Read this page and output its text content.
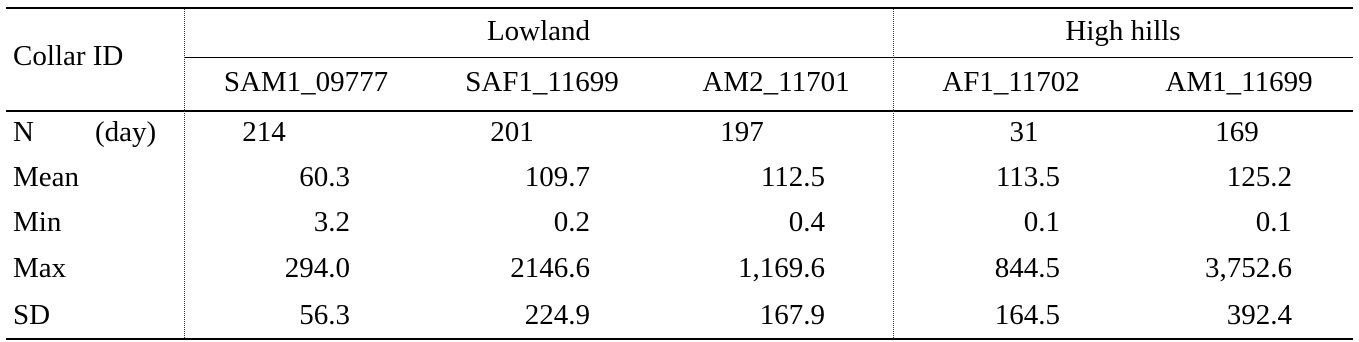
Collar ID
Lowland	High hills
SAM1_09777	SAF1_11699	AM2_11701	AF1_11702	AM1_11699
N (day)	214	201	197	31	169
Mean	60.3	109.7	112.5	113.5	125.2
Min	3.2	0.2	0.4	0.1	0.1
Max	294.0	2146.6	1,169.6	844.5	3,752.6
SD	56.3	224.9	167.9	164.5	392.4
